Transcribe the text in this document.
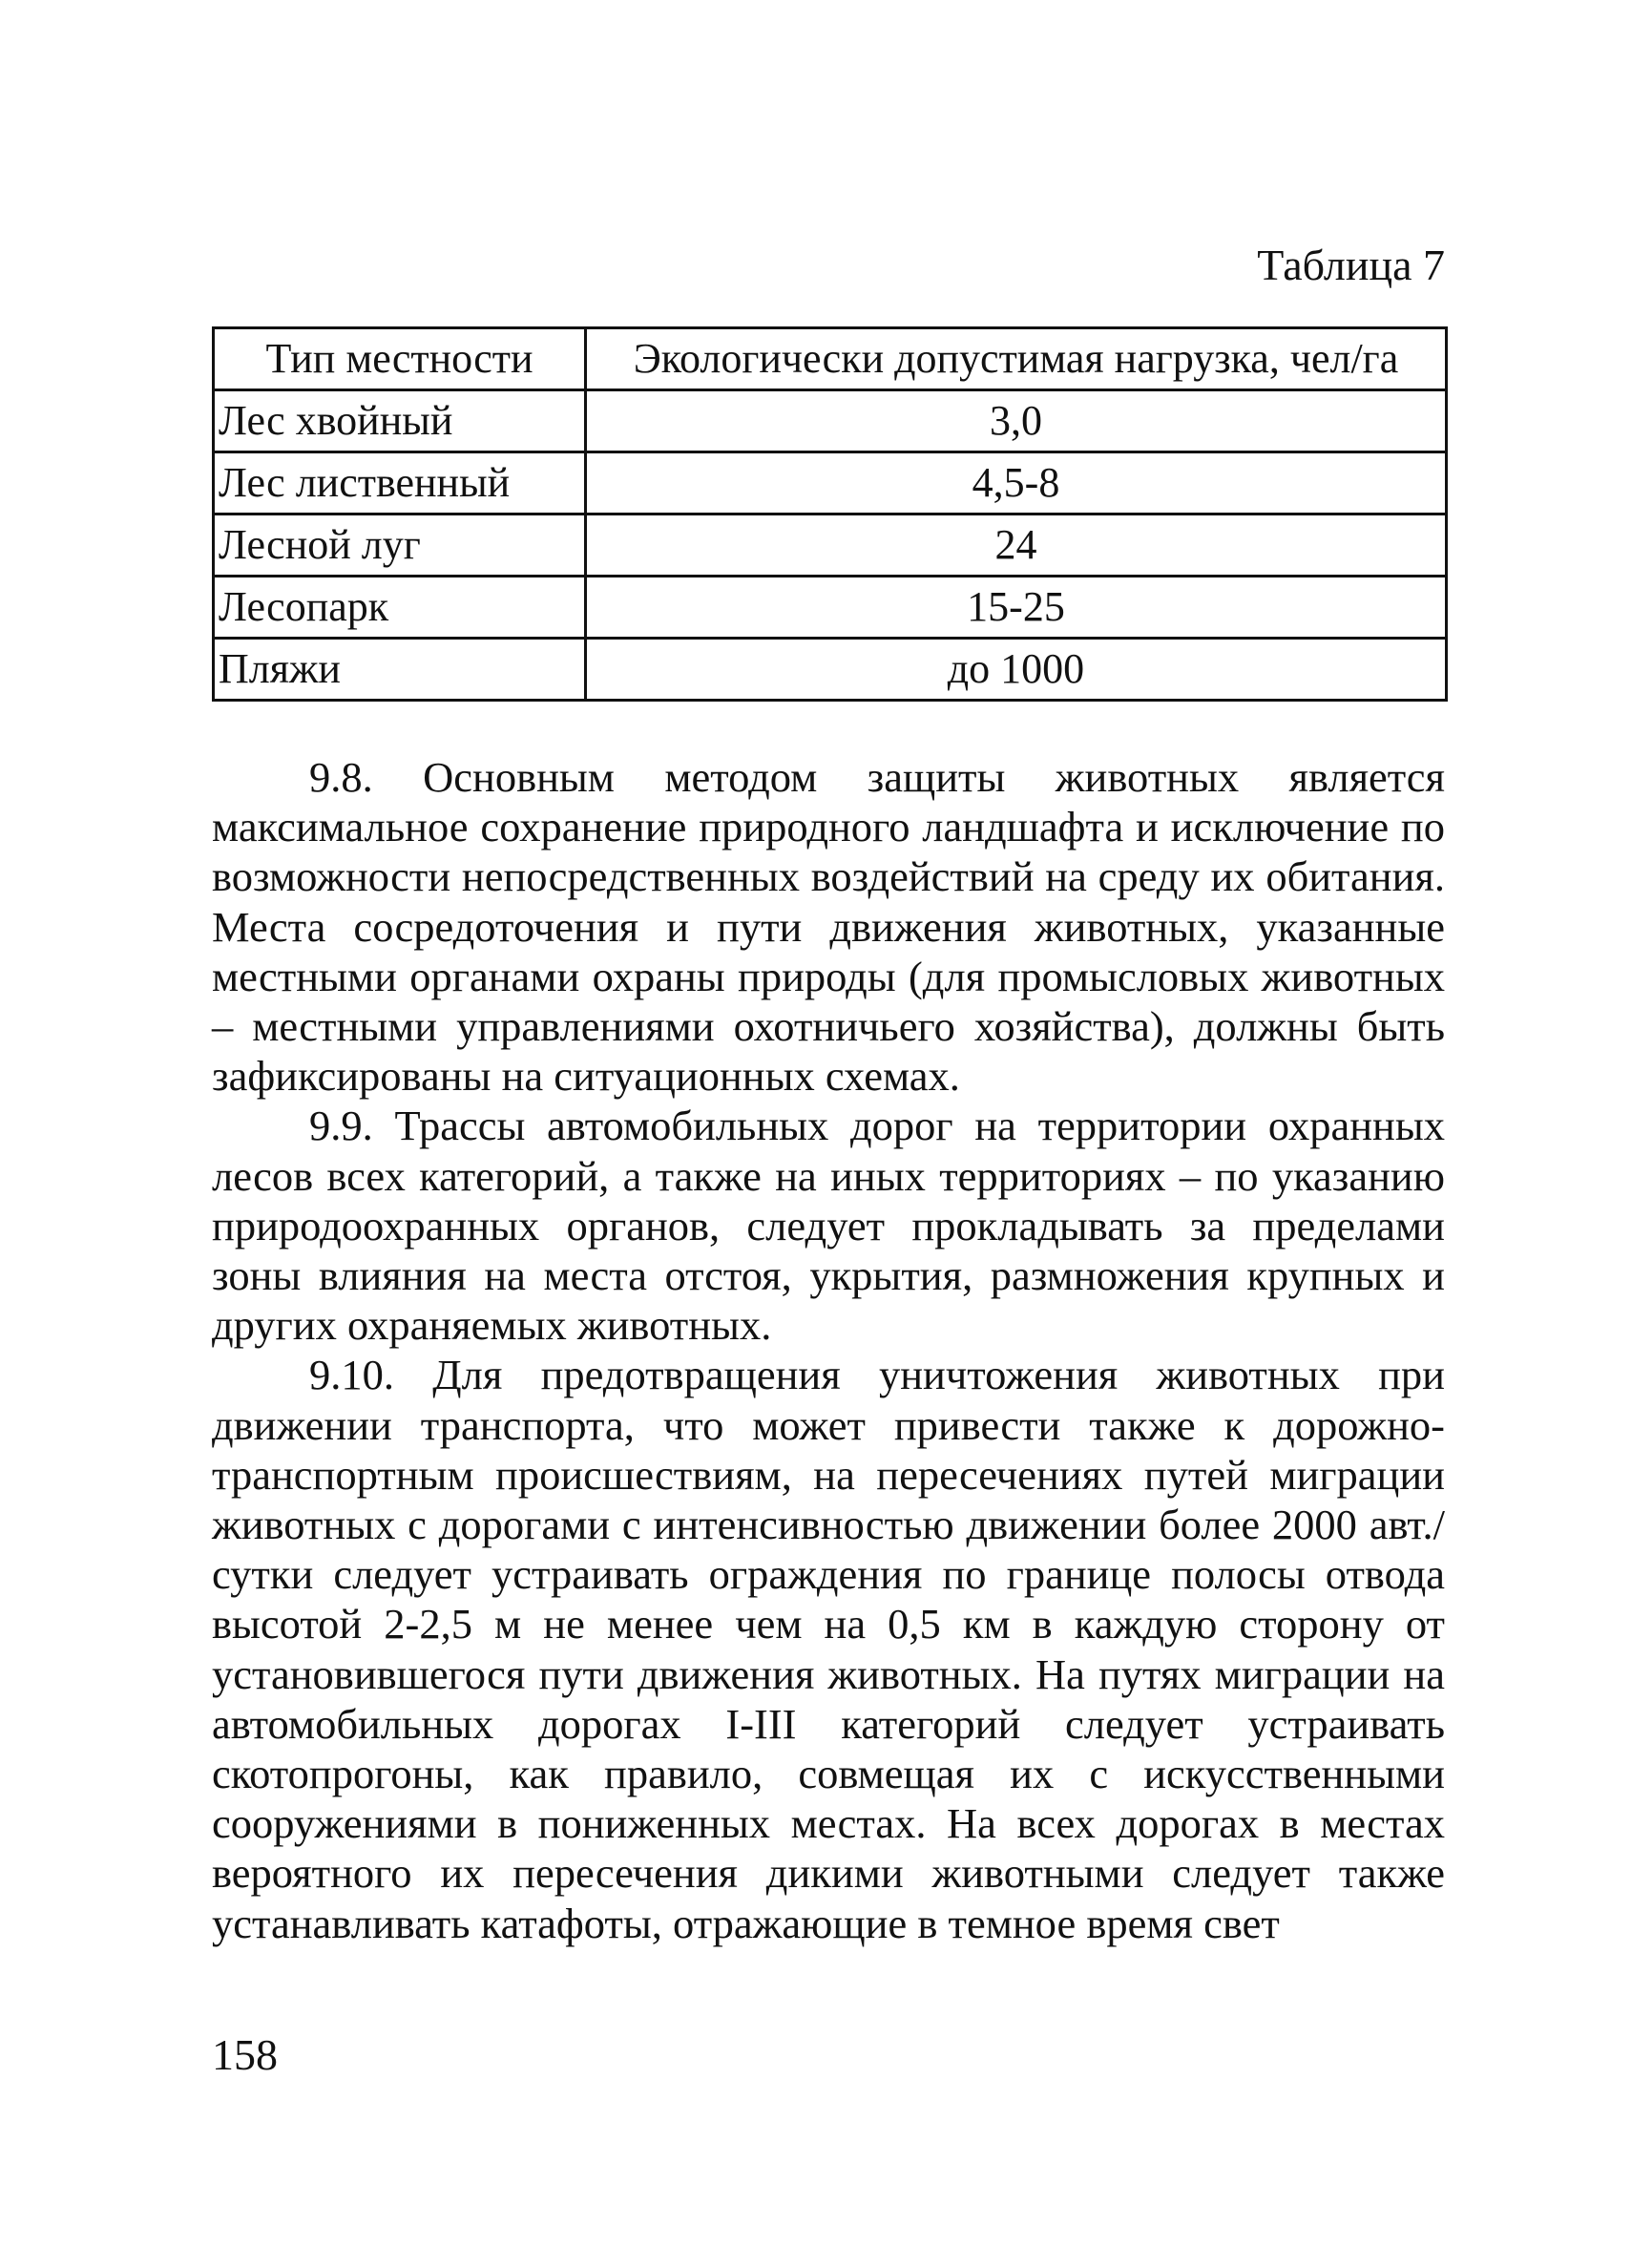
Таблица 7
Тип местности	Экологически допустимая нагрузка, чел/га
Лес хвойный	3,0
Лес лиственный	4,5-8
Лесной луг	24
Лесопарк	15-25
Пляжи	до 1000

9.8. Основным методом защиты животных является максимальное сохранение природного ландшафта и исключение по возможности непосредственных воздействий на среду их обитания. Места сосредоточения и пути движения животных, указанные местными органами охраны природы (для промысловых животных – местными управлениями охотничьего хозяйства), должны быть зафиксированы на ситуационных схемах.

9.9. Трассы автомобильных дорог на территории охранных лесов всех категорий, а также на иных территориях – по указанию природоохранных органов, следует прокладывать за пределами зоны влияния на места отстоя, укрытия, размножения крупных и других охраняемых животных.

9.10. Для предотвращения уничтожения животных при движении транспорта, что может привести также к дорожно-транспортным происшествиям, на пересечениях путей миграции животных с дорогами с интенсивностью движении более 2000 авт./сутки следует устраивать ограждения по границе полосы отвода высотой 2-2,5 м не менее чем на 0,5 км в каждую сторону от установившегося пути движения животных. На путях миграции на автомобильных дорогах I-III категорий следует устраивать скотопрогоны, как правило, совмещая их с искусственными сооружениями в пониженных местах. На всех дорогах в местах вероятного их пересечения дикими животными следует также устанавливать катафоты, отражающие в темное время свет

158
